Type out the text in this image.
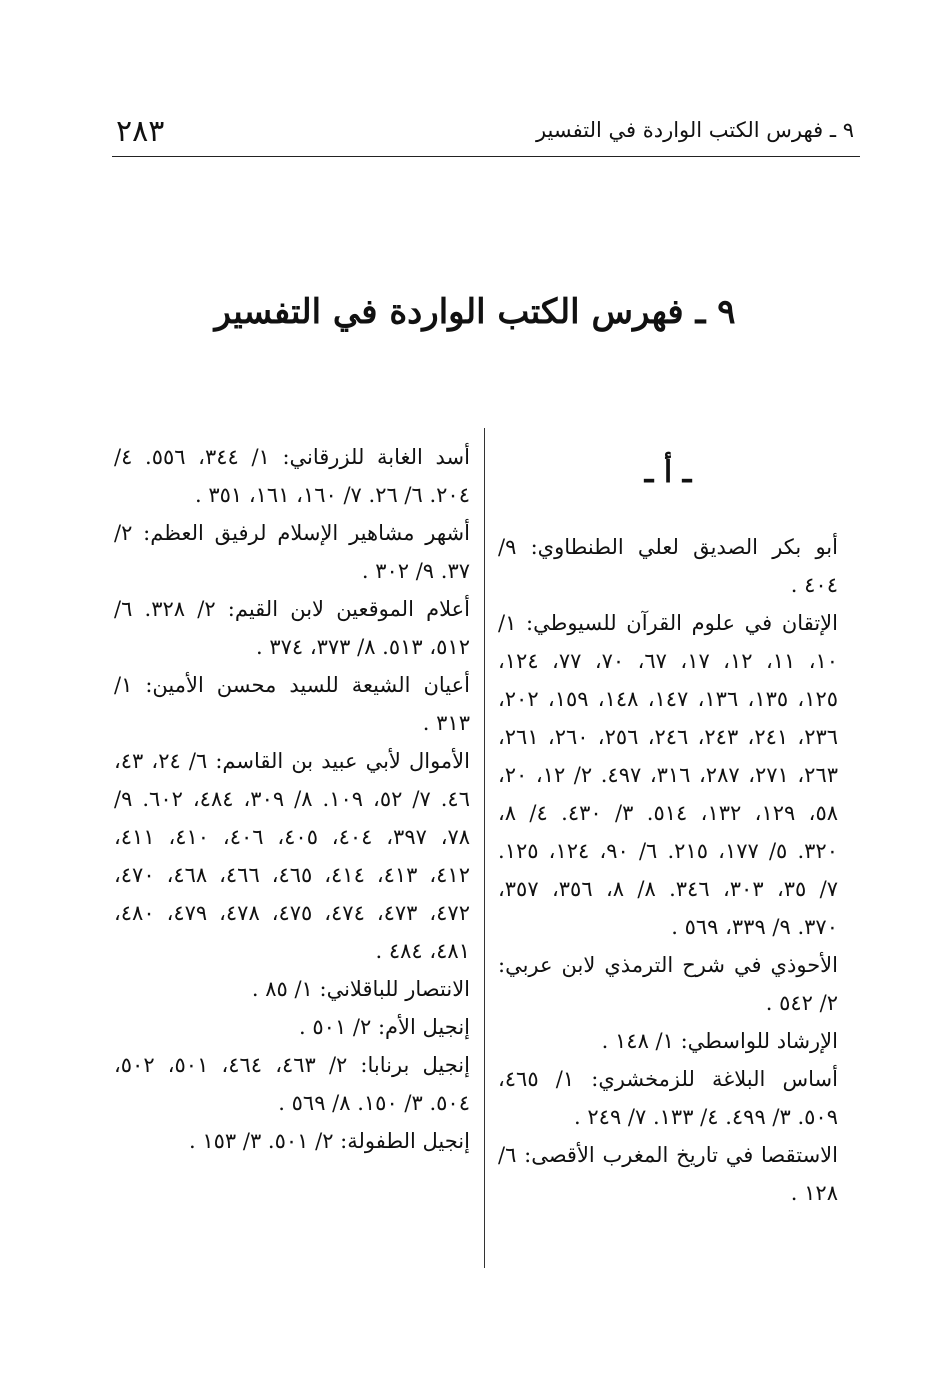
٩ ـ فهرس الكتب الواردة في التفسير
٢٨٣
٩ ـ فهرس الكتب الواردة في التفسير
ـ أ ـ

أبو بكر الصديق لعلي الطنطاوي: ٩/ ٤٠٤ .

الإتقان في علوم القرآن للسيوطي: ١/ ١٠، ١١، ١٢، ١٧، ٦٧، ٧٠، ٧٧، ١٢٤، ١٢٥، ١٣٥، ١٣٦، ١٤٧، ١٤٨، ١٥٩، ٢٠٢، ٢٣٦، ٢٤١، ٢٤٣، ٢٤٦، ٢٥٦، ٢٦٠، ٢٦١، ٢٦٣، ٢٧١، ٢٨٧، ٣١٦، ٤٩٧. ٢/ ١٢، ٢٠، ٥٨، ١٢٩، ١٣٢، ٥١٤. ٣/ ٤٣٠. ٤/ ٨، ٣٢٠. ٥/ ١٧٧، ٢١٥. ٦/ ٩٠، ١٢٤، ١٢٥. ٧/ ٣٥، ٣٠٣، ٣٤٦. ٨/ ٨، ٣٥٦، ٣٥٧، ٣٧٠. ٩/ ٣٣٩، ٥٦٩ .

الأحوذي في شرح الترمذي لابن عربي: ٢/ ٥٤٢ .

الإرشاد للواسطي: ١/ ١٤٨ .

أساس البلاغة للزمخشري: ١/ ٤٦٥، ٥٠٩. ٣/ ٤٩٩. ٤/ ١٣٣. ٧/ ٢٤٩ .

الاستقصا في تاريخ المغرب الأقصى: ٦/ ١٢٨ .

أسد الغابة للزرقاني: ١/ ٣٤٤، ٥٥٦. ٤/ ٢٠٤. ٦/ ٢٦. ٧/ ١٦٠، ١٦١، ٣٥١ .

أشهر مشاهير الإسلام لرفيق العظم: ٢/ ٣٧. ٩/ ٣٠٢ .

أعلام الموقعين لابن القيم: ٢/ ٣٢٨. ٦/ ٥١٢، ٥١٣. ٨/ ٣٧٣، ٣٧٤ .

أعيان الشيعة للسيد محسن الأمين: ١/ ٣١٣ .

الأموال لأبي عبيد بن القاسم: ٦/ ٢٤، ٤٣، ٤٦. ٧/ ٥٢، ١٠٩. ٨/ ٣٠٩، ٤٨٤، ٦٠٢. ٩/ ٧٨، ٣٩٧، ٤٠٤، ٤٠٥، ٤٠٦، ٤١٠، ٤١١، ٤١٢، ٤١٣، ٤١٤، ٤٦٥، ٤٦٦، ٤٦٨، ٤٧٠، ٤٧٢، ٤٧٣، ٤٧٤، ٤٧٥، ٤٧٨، ٤٧٩، ٤٨٠، ٤٨١، ٤٨٤ .

الانتصار للباقلاني: ١/ ٨٥ .

إنجيل الأم: ٢/ ٥٠١ .

إنجيل برنابا: ٢/ ٤٦٣، ٤٦٤، ٥٠١، ٥٠٢، ٥٠٤. ٣/ ١٥٠. ٨/ ٥٦٩ .

إنجيل الطفولة: ٢/ ٥٠١. ٣/ ١٥٣ .
